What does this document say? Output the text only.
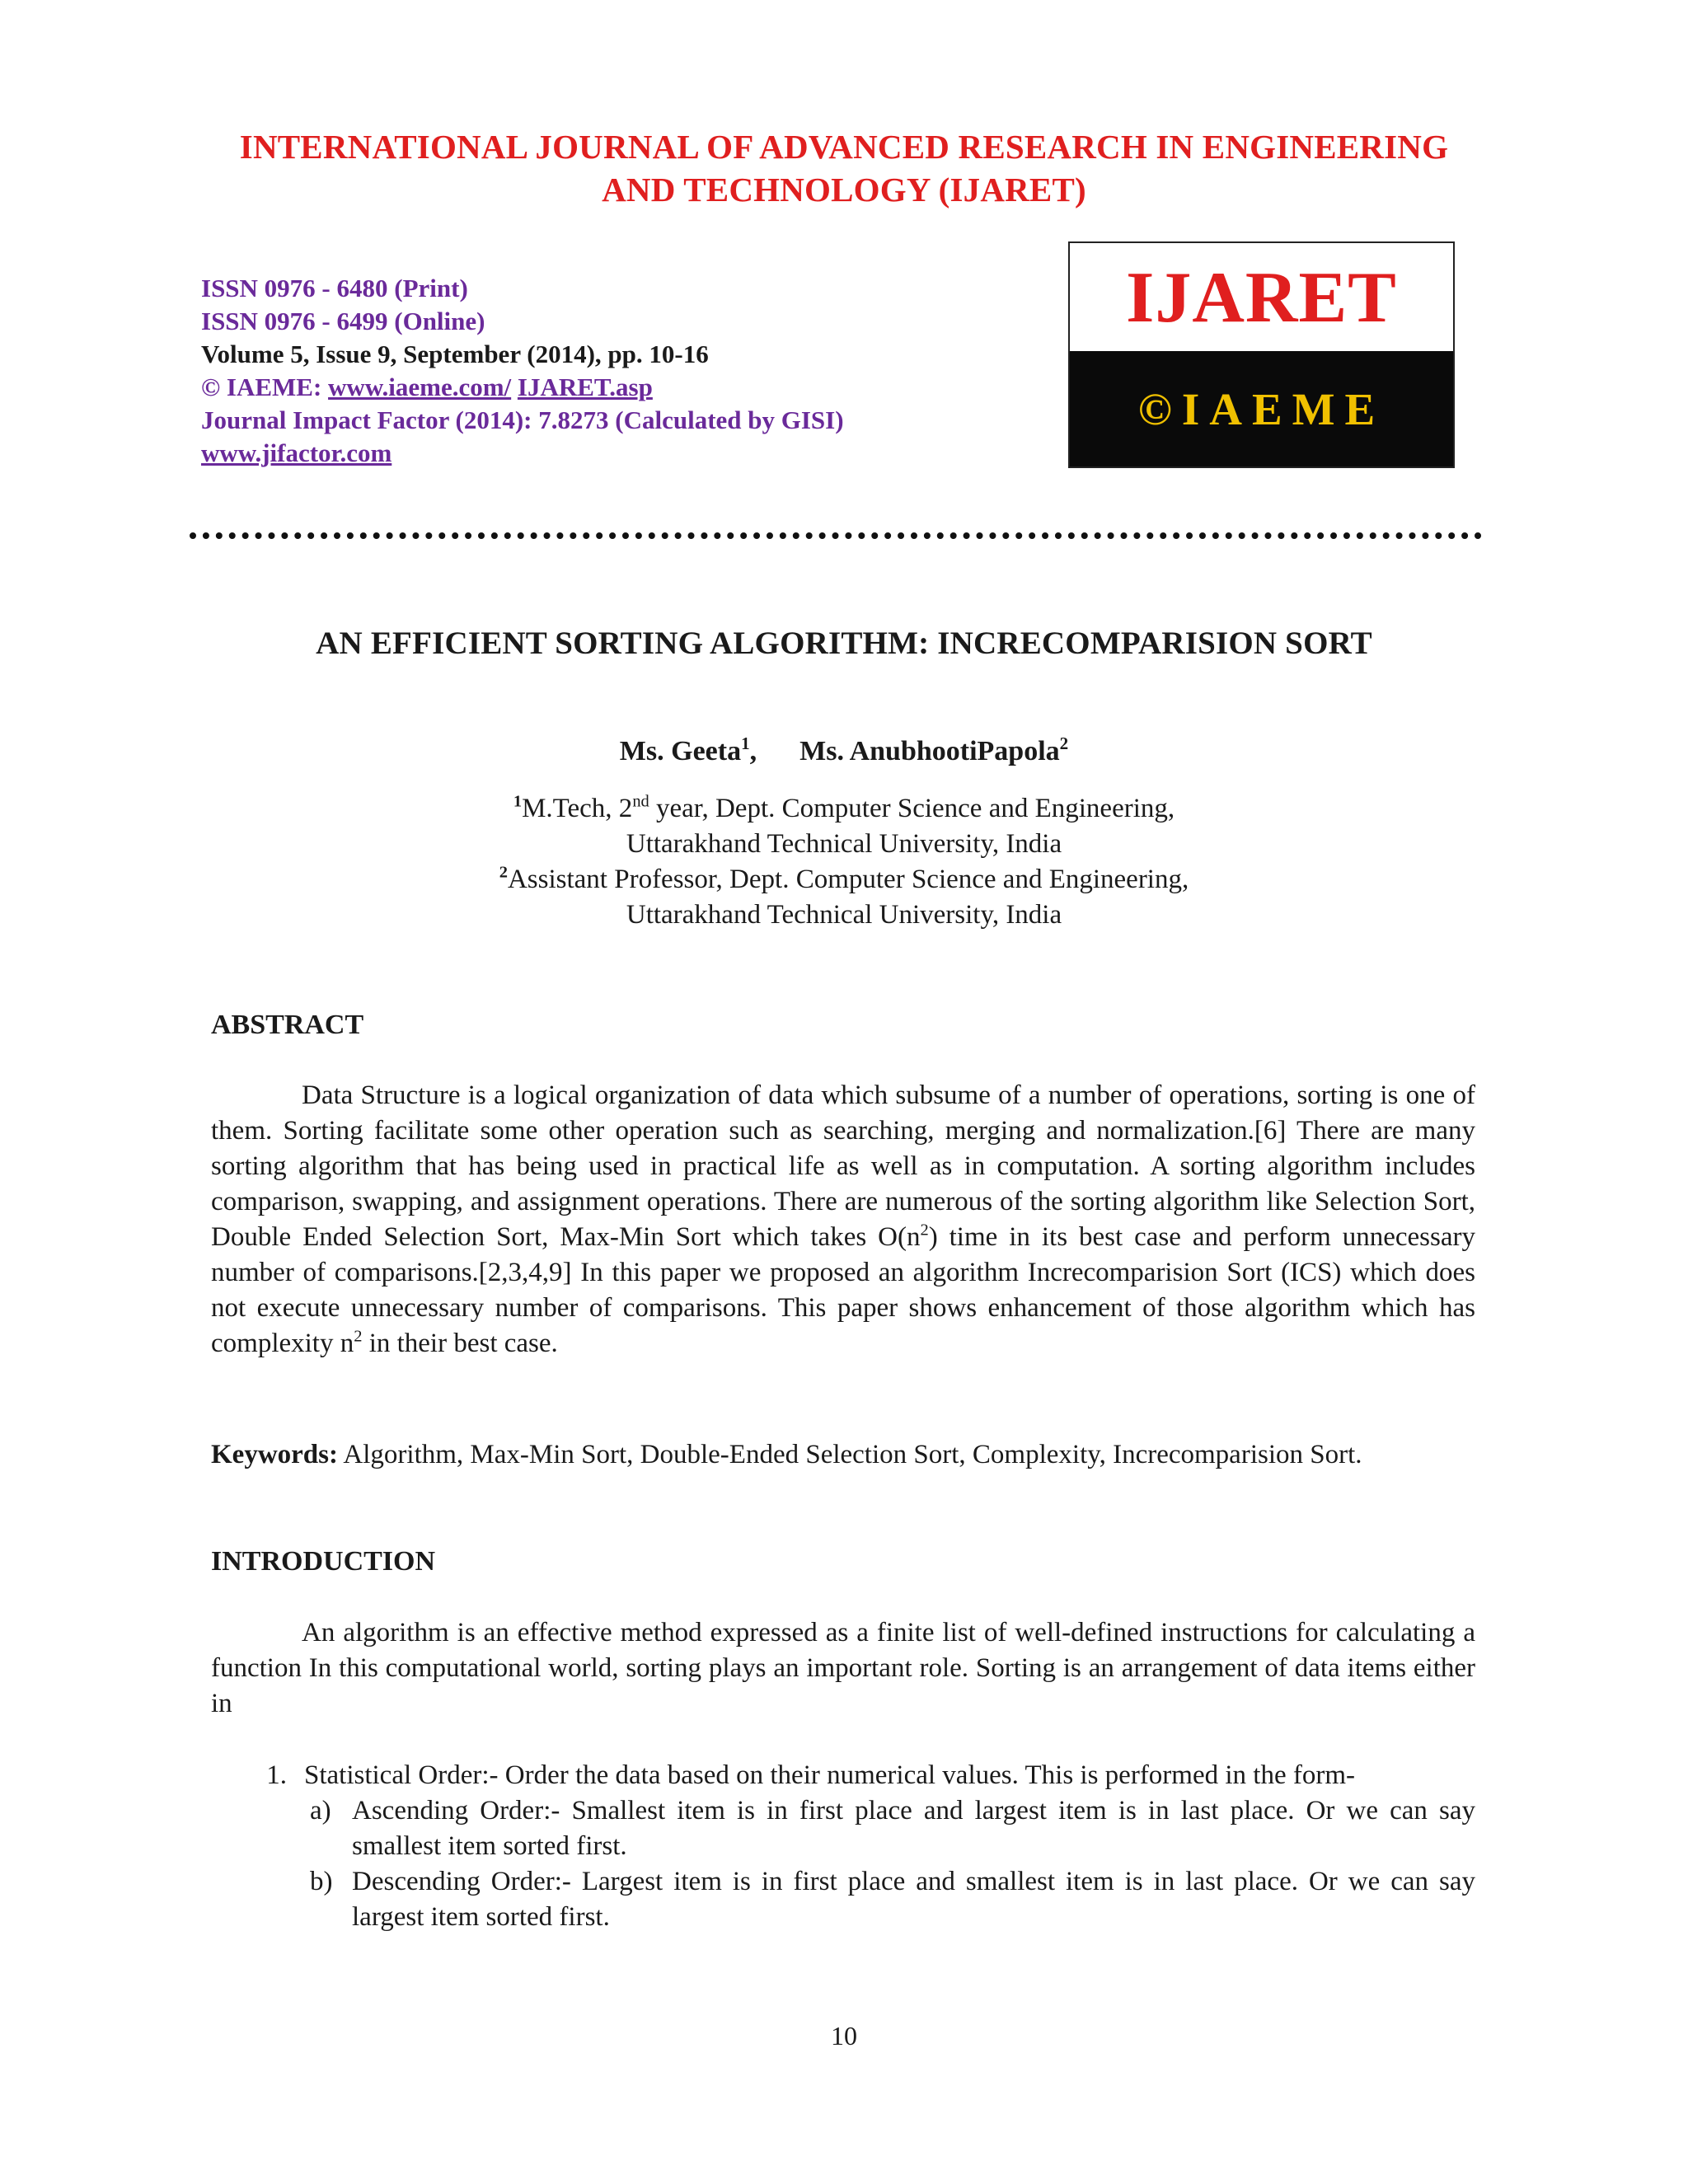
INTERNATIONAL JOURNAL OF ADVANCED RESEARCH IN ENGINEERING
AND TECHNOLOGY (IJARET)
ISSN 0976 - 6480 (Print)
ISSN 0976 - 6499 (Online)
Volume 5, Issue 9, September (2014), pp. 10-16
© IAEME: www.iaeme.com/ IJARET.asp
Journal Impact Factor (2014): 7.8273 (Calculated by GISI)
www.jifactor.com
IJARET
©IAEME
AN EFFICIENT SORTING ALGORITHM: INCRECOMPARISION SORT
Ms. Geeta$^1$, Ms. AnubhootiPapola$^2$
$^1$M.Tech, 2nd year, Dept. Computer Science and Engineering,
Uttarakhand Technical University, India
$^2$Assistant Professor, Dept. Computer Science and Engineering,
Uttarakhand Technical University, India
ABSTRACT
Data Structure is a logical organization of data which subsume of a number of operations, sorting is one of them. Sorting facilitate some other operation such as searching, merging and normalization.[6] There are many sorting algorithm that has being used in practical life as well as in computation. A sorting algorithm includes comparison, swapping, and assignment operations. There are numerous of the sorting algorithm like Selection Sort, Double Ended Selection Sort, Max-Min Sort which takes $O(n^2)$ time in its best case and perform unnecessary number of comparisons.[2,3,4,9] In this paper we proposed an algorithm Increcomparision Sort (ICS) which does not execute unnecessary number of comparisons. This paper shows enhancement of those algorithm which has complexity $n^2$ in their best case.
Keywords: Algorithm, Max-Min Sort, Double-Ended Selection Sort, Complexity, Increcomparision Sort.
INTRODUCTION
An algorithm is an effective method expressed as a finite list of well-defined instructions for calculating a function In this computational world, sorting plays an important role. Sorting is an arrangement of data items either in
1. Statistical Order:- Order the data based on their numerical values. This is performed in the form-
a) Ascending Order:- Smallest item is in first place and largest item is in last place. Or we can say smallest item sorted first.
b) Descending Order:- Largest item is in first place and smallest item is in last place. Or we can say largest item sorted first.
10
